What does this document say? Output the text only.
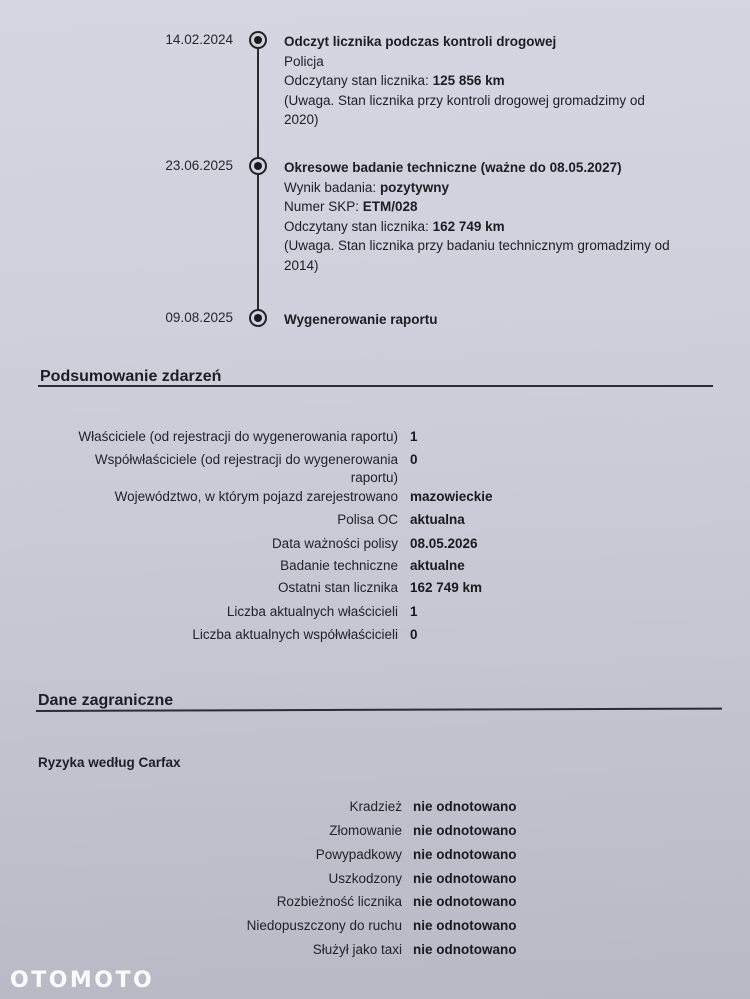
14.02.2024	Odczyt licznika podczas kontroli drogowej
Policja
Odczytany stan licznika: 125 856 km
(Uwaga. Stan licznika przy kontroli drogowej gromadzimy od
2020)
23.06.2025	Okresowe badanie techniczne (ważne do 08.05.2027)
Wynik badania: pozytywny
Numer SKP: ETM/028
Odczytany stan licznika: 162 749 km
(Uwaga. Stan licznika przy badaniu technicznym gromadzimy od
2014)
09.08.2025	Wygenerowanie raportu
Podsumowanie zdarzeń
Właściciele (od rejestracji do wygenerowania raportu) 1
Współwłaściciele (od rejestracji do wygenerowania
raportu)
0
Województwo, w którym pojazd zarejestrowano mazowieckie
Polisa OC aktualna
Data ważności polisy 08.05.2026
Badanie techniczne aktualne
Ostatni stan licznika 162 749 km
Liczba aktualnych właścicieli 1
Liczba aktualnych współwłaścicieli 0
Dane zagraniczne
Ryzyka według Carfax
Kradzież nie odnotowano
Złomowanie nie odnotowano
Powypadkowy nie odnotowano
Uszkodzony nie odnotowano
Rozbieżność licznika nie odnotowano
Niedopuszczony do ruchu nie odnotowano
Służył jako taxi nie odnotowano
OTOMOTO
